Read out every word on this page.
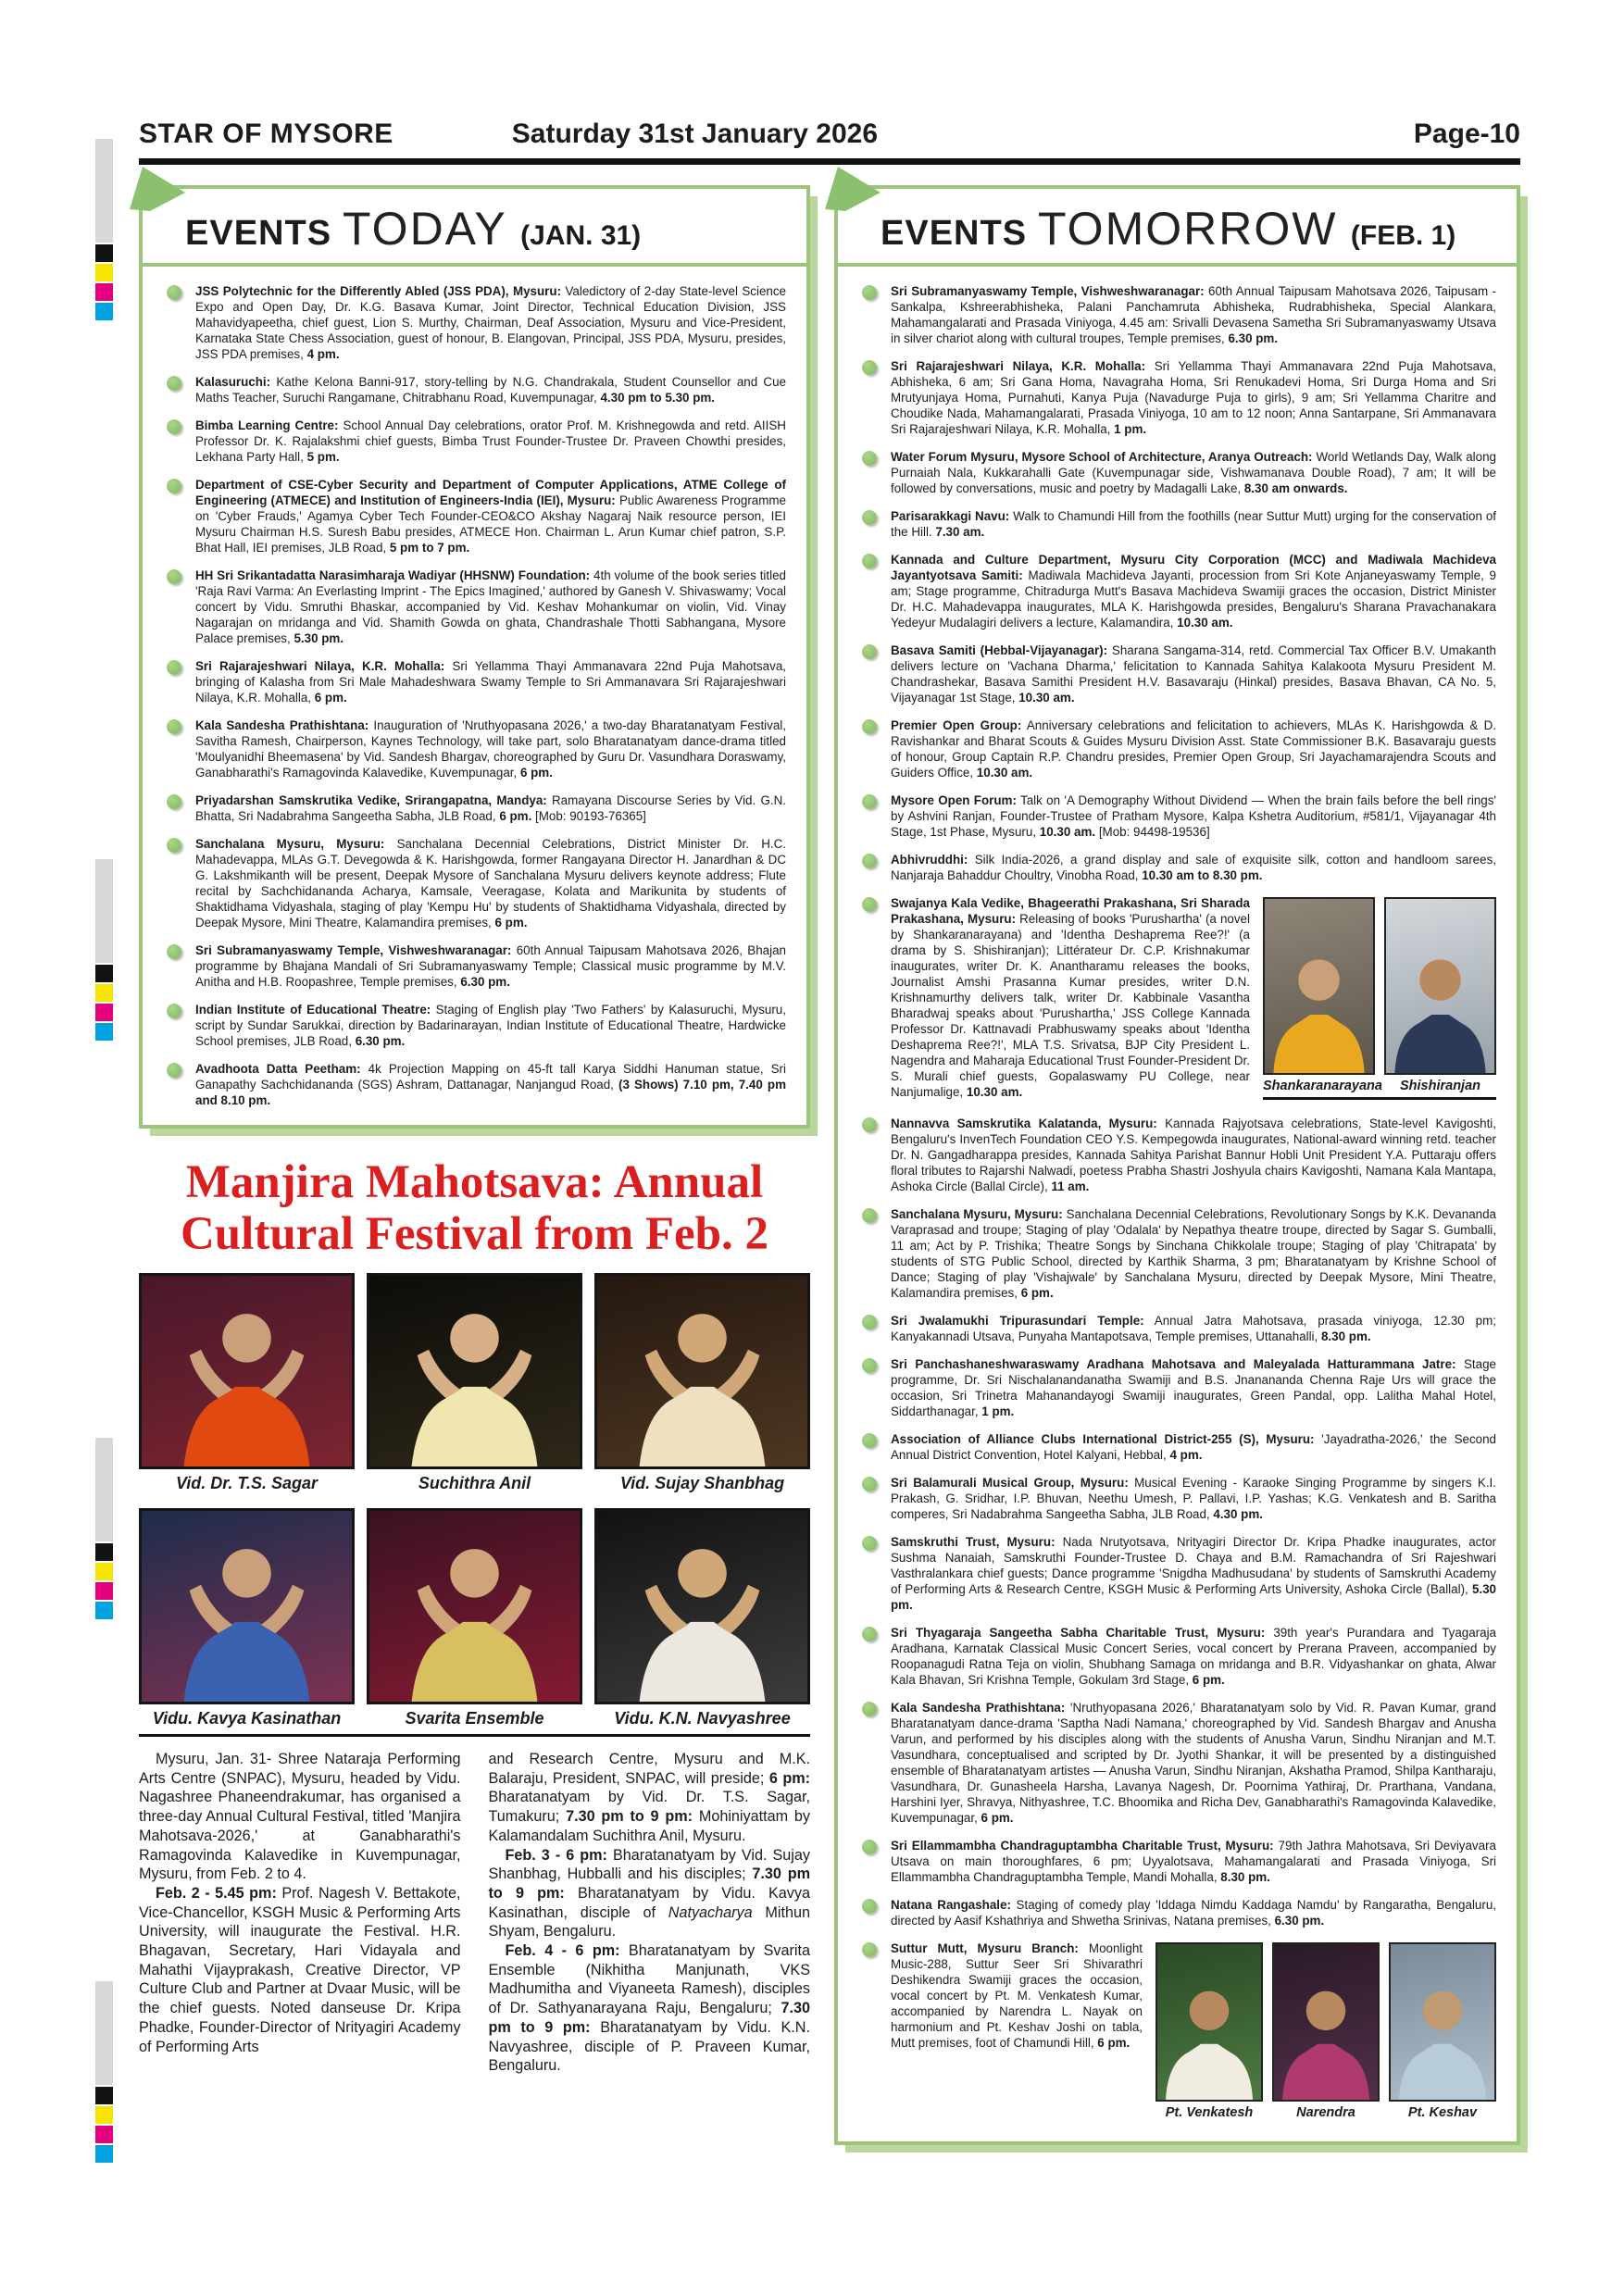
STAR OF MYSORE	Saturday 31st January 2026	Page-10
EVENTS TODAY (JAN. 31)
JSS Polytechnic for the Differently Abled (JSS PDA), Mysuru: Valedictory of 2-day State-level Science Expo and Open Day, Dr. K.G. Basava Kumar, Joint Director, Technical Education Division, JSS Mahavidyapeetha, chief guest, Lion S. Murthy, Chairman, Deaf Association, Mysuru and Vice-President, Karnataka State Chess Association, guest of honour, B. Elangovan, Principal, JSS PDA, Mysuru, presides, JSS PDA premises, 4 pm.
Kalasuruchi: Kathe Kelona Banni-917, story-telling by N.G. Chandrakala, Student Counsellor and Cue Maths Teacher, Suruchi Rangamane, Chitrabhanu Road, Kuvempunagar, 4.30 pm to 5.30 pm.
Bimba Learning Centre: School Annual Day celebrations, orator Prof. M. Krishnegowda and retd. AIISH Professor Dr. K. Rajalakshmi chief guests, Bimba Trust Founder-Trustee Dr. Praveen Chowthi presides, Lekhana Party Hall, 5 pm.
Department of CSE-Cyber Security and Department of Computer Applications, ATME College of Engineering (ATMECE) and Institution of Engineers-India (IEI), Mysuru: Public Awareness Programme on 'Cyber Frauds,' Agamya Cyber Tech Founder-CEO&CO Akshay Nagaraj Naik resource person, IEI Mysuru Chairman H.S. Suresh Babu presides, ATMECE Hon. Chairman L. Arun Kumar chief patron, S.P. Bhat Hall, IEI premises, JLB Road, 5 pm to 7 pm.
HH Sri Srikantadatta Narasimharaja Wadiyar (HHSNW) Foundation: 4th volume of the book series titled 'Raja Ravi Varma: An Everlasting Imprint - The Epics Imagined,' authored by Ganesh V. Shivaswamy; Vocal concert by Vidu. Smruthi Bhaskar, accompanied by Vid. Keshav Mohankumar on violin, Vid. Vinay Nagarajan on mridanga and Vid. Shamith Gowda on ghata, Chandrashale Thotti Sabhangana, Mysore Palace premises, 5.30 pm.
Sri Rajarajeshwari Nilaya, K.R. Mohalla: Sri Yellamma Thayi Ammanavara 22nd Puja Mahotsava, bringing of Kalasha from Sri Male Mahadeshwara Swamy Temple to Sri Ammanavara Sri Rajarajeshwari Nilaya, K.R. Mohalla, 6 pm.
Kala Sandesha Prathishtana: Inauguration of 'Nruthyopasana 2026,' a two-day Bharatanatyam Festival, Savitha Ramesh, Chairperson, Kaynes Technology, will take part, solo Bharatanatyam dance-drama titled 'Moulyanidhi Bheemasena' by Vid. Sandesh Bhargav, choreographed by Guru Dr. Vasundhara Doraswamy, Ganabharathi's Ramagovinda Kalavedike, Kuvempunagar, 6 pm.
Priyadarshan Samskrutika Vedike, Srirangapatna, Mandya: Ramayana Discourse Series by Vid. G.N. Bhatta, Sri Nadabrahma Sangeetha Sabha, JLB Road, 6 pm. [Mob: 90193-76365]
Sanchalana Mysuru, Mysuru: Sanchalana Decennial Celebrations, District Minister Dr. H.C. Mahadevappa, MLAs G.T. Devegowda & K. Harishgowda, former Rangayana Director H. Janardhan & DC G. Lakshmikanth will be present, Deepak Mysore of Sanchalana Mysuru delivers keynote address; Flute recital by Sachchidananda Acharya, Kamsale, Veeragase, Kolata and Marikunita by students of Shaktidhama Vidyashala, staging of play 'Kempu Hu' by students of Shaktidhama Vidyashala, directed by Deepak Mysore, Mini Theatre, Kalamandira premises, 6 pm.
Sri Subramanyaswamy Temple, Vishweshwaranagar: 60th Annual Taipusam Mahotsava 2026, Bhajan programme by Bhajana Mandali of Sri Subramanyaswamy Temple; Classical music programme by M.V. Anitha and H.B. Roopashree, Temple premises, 6.30 pm.
Indian Institute of Educational Theatre: Staging of English play 'Two Fathers' by Kalasuruchi, Mysuru, script by Sundar Sarukkai, direction by Badarinarayan, Indian Institute of Educational Theatre, Hardwicke School premises, JLB Road, 6.30 pm.
Avadhoota Datta Peetham: 4k Projection Mapping on 45-ft tall Karya Siddhi Hanuman statue, Sri Ganapathy Sachchidananda (SGS) Ashram, Dattanagar, Nanjangud Road, (3 Shows) 7.10 pm, 7.40 pm and 8.10 pm.
Manjira Mahotsava: Annual
Cultural Festival from Feb. 2
Vid. Dr. T.S. Sagar	Suchithra Anil	Vid. Sujay Shanbhag
Vidu. Kavya Kasinathan	Svarita Ensemble	Vidu. K.N. Navyashree

Mysuru, Jan. 31- Shree Nataraja Performing Arts Centre (SNPAC), Mysuru, headed by Vidu. Nagashree Phaneendrakumar, has organised a three-day Annual Cultural Festival, titled 'Manjira Mahotsava-2026,' at Ganabharathi's Ramagovinda Kalavedike in Kuvempunagar, Mysuru, from Feb. 2 to 4.

Feb. 2 - 5.45 pm: Prof. Nagesh V. Bettakote, Vice-Chancellor, KSGH Music & Performing Arts University, will inaugurate the Festival. H.R. Bhagavan, Secretary, Hari Vidayala and Mahathi Vijayprakash, Creative Director, VP Culture Club and Partner at Dvaar Music, will be the chief guests. Noted danseuse Dr. Kripa Phadke, Founder-Director of Nrityagiri Academy of Performing Arts

and Research Centre, Mysuru and M.K. Balaraju, President, SNPAC, will preside; 6 pm: Bharatanatyam by Vid. Dr. T.S. Sagar, Tumakuru; 7.30 pm to 9 pm: Mohiniyattam by Kalamandalam Suchithra Anil, Mysuru.

Feb. 3 - 6 pm: Bharatanatyam by Vid. Sujay Shanbhag, Hubballi and his disciples; 7.30 pm to 9 pm: Bharatanatyam by Vidu. Kavya Kasinathan, disciple of Natyacharya Mithun Shyam, Bengaluru.

Feb. 4 - 6 pm: Bharatanatyam by Svarita Ensemble (Nikhitha Manjunath, VKS Madhumitha and Viyaneeta Ramesh), disciples of Dr. Sathyanarayana Raju, Bengaluru; 7.30 pm to 9 pm: Bharatanatyam by Vidu. K.N. Navyashree, disciple of P. Praveen Kumar, Bengaluru.

EVENTS TOMORROW (FEB. 1)
Sri Subramanyaswamy Temple, Vishweshwaranagar: 60th Annual Taipusam Mahotsava 2026, Taipusam - Sankalpa, Kshreerabhisheka, Palani Panchamruta Abhisheka, Rudrabhisheka, Special Alankara, Mahamangalarati and Prasada Viniyoga, 4.45 am: Srivalli Devasena Sametha Sri Subramanyaswamy Utsava in silver chariot along with cultural troupes, Temple premises, 6.30 pm.
Sri Rajarajeshwari Nilaya, K.R. Mohalla: Sri Yellamma Thayi Ammanavara 22nd Puja Mahotsava, Abhisheka, 6 am; Sri Gana Homa, Navagraha Homa, Sri Renukadevi Homa, Sri Durga Homa and Sri Mrutyunjaya Homa, Purnahuti, Kanya Puja (Navadurge Puja to girls), 9 am; Sri Yellamma Charitre and Choudike Nada, Mahamangalarati, Prasada Viniyoga, 10 am to 12 noon; Anna Santarpane, Sri Ammanavara Sri Rajarajeshwari Nilaya, K.R. Mohalla, 1 pm.
Water Forum Mysuru, Mysore School of Architecture, Aranya Outreach: World Wetlands Day, Walk along Purnaiah Nala, Kukkarahalli Gate (Kuvempunagar side, Vishwamanava Double Road), 7 am; It will be followed by conversations, music and poetry by Madagalli Lake, 8.30 am onwards.
Parisarakkagi Navu: Walk to Chamundi Hill from the foothills (near Suttur Mutt) urging for the conservation of the Hill. 7.30 am.
Kannada and Culture Department, Mysuru City Corporation (MCC) and Madiwala Machideva Jayantyotsava Samiti: Madiwala Machideva Jayanti, procession from Sri Kote Anjaneyaswamy Temple, 9 am; Stage programme, Chitradurga Mutt's Basava Machideva Swamiji graces the occasion, District Minister Dr. H.C. Mahadevappa inaugurates, MLA K. Harishgowda presides, Bengaluru's Sharana Pravachanakara Yedeyur Mudalagiri delivers a lecture, Kalamandira, 10.30 am.
Basava Samiti (Hebbal-Vijayanagar): Sharana Sangama-314, retd. Commercial Tax Officer B.V. Umakanth delivers lecture on 'Vachana Dharma,' felicitation to Kannada Sahitya Kalakoota Mysuru President M. Chandrashekar, Basava Samithi President H.V. Basavaraju (Hinkal) presides, Basava Bhavan, CA No. 5, Vijayanagar 1st Stage, 10.30 am.
Premier Open Group: Anniversary celebrations and felicitation to achievers, MLAs K. Harishgowda & D. Ravishankar and Bharat Scouts & Guides Mysuru Division Asst. State Commissioner B.K. Basavaraju guests of honour, Group Captain R.P. Chandru presides, Premier Open Group, Sri Jayachamarajendra Scouts and Guiders Office, 10.30 am.
Mysore Open Forum: Talk on 'A Demography Without Dividend — When the brain fails before the bell rings' by Ashvini Ranjan, Founder-Trustee of Pratham Mysore, Kalpa Kshetra Auditorium, #581/1, Vijayanagar 4th Stage, 1st Phase, Mysuru, 10.30 am. [Mob: 94498-19536]
Abhivruddhi: Silk India-2026, a grand display and sale of exquisite silk, cotton and handloom sarees, Nanjaraja Bahaddur Choultry, Vinobha Road, 10.30 am to 8.30 pm.
Shankaranarayana	Shishiranjan
Swajanya Kala Vedike, Bhageerathi Prakashana, Sri Sharada Prakashana, Mysuru: Releasing of books 'Purushartha' (a novel by Shankaranarayana) and 'Identha Deshaprema Ree?!' (a drama by S. Shishiranjan); Littérateur Dr. C.P. Krishnakumar inaugurates, writer Dr. K. Anantharamu releases the books, Journalist Amshi Prasanna Kumar presides, writer D.N. Krishnamurthy delivers talk, writer Dr. Kabbinale Vasantha Bharadwaj speaks about 'Purushartha,' JSS College Kannada Professor Dr. Kattnavadi Prabhuswamy speaks about 'Identha Deshaprema Ree?!', MLA T.S. Srivatsa, BJP City President L. Nagendra and Maharaja Educational Trust Founder-President Dr. S. Murali chief guests, Gopalaswamy PU College, near Nanjumalige, 10.30 am.
Nannavva Samskrutika Kalatanda, Mysuru: Kannada Rajyotsava celebrations, State-level Kavigoshti, Bengaluru's InvenTech Foundation CEO Y.S. Kempegowda inaugurates, National-award winning retd. teacher Dr. N. Gangadharappa presides, Kannada Sahitya Parishat Bannur Hobli Unit President Y.A. Puttaraju offers floral tributes to Rajarshi Nalwadi, poetess Prabha Shastri Joshyula chairs Kavigoshti, Namana Kala Mantapa, Ashoka Circle (Ballal Circle), 11 am.
Sanchalana Mysuru, Mysuru: Sanchalana Decennial Celebrations, Revolutionary Songs by K.K. Devananda Varaprasad and troupe; Staging of play 'Odalala' by Nepathya theatre troupe, directed by Sagar S. Gumballi, 11 am; Act by P. Trishika; Theatre Songs by Sinchana Chikkolale troupe; Staging of play 'Chitrapata' by students of STG Public School, directed by Karthik Sharma, 3 pm; Bharatanatyam by Krishne School of Dance; Staging of play 'Vishajwale' by Sanchalana Mysuru, directed by Deepak Mysore, Mini Theatre, Kalamandira premises, 6 pm.
Sri Jwalamukhi Tripurasundari Temple: Annual Jatra Mahotsava, prasada viniyoga, 12.30 pm; Kanyakannadi Utsava, Punyaha Mantapotsava, Temple premises, Uttanahalli, 8.30 pm.
Sri Panchashaneshwaraswamy Aradhana Mahotsava and Maleyalada Hatturammana Jatre: Stage programme, Dr. Sri Nischalanandanatha Swamiji and B.S. Jnanananda Chenna Raje Urs will grace the occasion, Sri Trinetra Mahanandayogi Swamiji inaugurates, Green Pandal, opp. Lalitha Mahal Hotel, Siddarthanagar, 1 pm.
Association of Alliance Clubs International District-255 (S), Mysuru: 'Jayadratha-2026,' the Second Annual District Convention, Hotel Kalyani, Hebbal, 4 pm.
Sri Balamurali Musical Group, Mysuru: Musical Evening - Karaoke Singing Programme by singers K.I. Prakash, G. Sridhar, I.P. Bhuvan, Neethu Umesh, P. Pallavi, I.P. Yashas; K.G. Venkatesh and B. Saritha comperes, Sri Nadabrahma Sangeetha Sabha, JLB Road, 4.30 pm.
Samskruthi Trust, Mysuru: Nada Nrutyotsava, Nrityagiri Director Dr. Kripa Phadke inaugurates, actor Sushma Nanaiah, Samskruthi Founder-Trustee D. Chaya and B.M. Ramachandra of Sri Rajeshwari Vasthralankara chief guests; Dance programme 'Snigdha Madhusudana' by students of Samskruthi Academy of Performing Arts & Research Centre, KSGH Music & Performing Arts University, Ashoka Circle (Ballal), 5.30 pm.
Sri Thyagaraja Sangeetha Sabha Charitable Trust, Mysuru: 39th year's Purandara and Tyagaraja Aradhana, Karnatak Classical Music Concert Series, vocal concert by Prerana Praveen, accompanied by Roopanagudi Ratna Teja on violin, Shubhang Samaga on mridanga and B.R. Vidyashankar on ghata, Alwar Kala Bhavan, Sri Krishna Temple, Gokulam 3rd Stage, 6 pm.
Kala Sandesha Prathishtana: 'Nruthyopasana 2026,' Bharatanatyam solo by Vid. R. Pavan Kumar, grand Bharatanatyam dance-drama 'Saptha Nadi Namana,' choreographed by Vid. Sandesh Bhargav and Anusha Varun, and performed by his disciples along with the students of Anusha Varun, Sindhu Niranjan and M.T. Vasundhara, conceptualised and scripted by Dr. Jyothi Shankar, it will be presented by a distinguished ensemble of Bharatanatyam artistes — Anusha Varun, Sindhu Niranjan, Akshatha Pramod, Shilpa Kantharaju, Vasundhara, Dr. Gunasheela Harsha, Lavanya Nagesh, Dr. Poornima Yathiraj, Dr. Prarthana, Vandana, Harshini Iyer, Shravya, Nithyashree, T.C. Bhoomika and Richa Dev, Ganabharathi's Ramagovinda Kalavedike, Kuvempunagar, 6 pm.
Sri Ellammambha Chandraguptambha Charitable Trust, Mysuru: 79th Jathra Mahotsava, Sri Deviyavara Utsava on main thoroughfares, 6 pm; Uyyalotsava, Mahamangalarati and Prasada Viniyoga, Sri Ellammambha Chandraguptambha Temple, Mandi Mohalla, 8.30 pm.
Natana Rangashale: Staging of comedy play 'Iddaga Nimdu Kaddaga Namdu' by Rangaratha, Bengaluru, directed by Aasif Kshathriya and Shwetha Srinivas, Natana premises, 6.30 pm.
Pt. Venkatesh	Narendra	Pt. Keshav
Suttur Mutt, Mysuru Branch: Moonlight Music-288, Suttur Seer Sri Shivarathri Deshikendra Swamiji graces the occasion, vocal concert by Pt. M. Venkatesh Kumar, accompanied by Narendra L. Nayak on harmonium and Pt. Keshav Joshi on tabla, Mutt premises, foot of Chamundi Hill, 6 pm.
